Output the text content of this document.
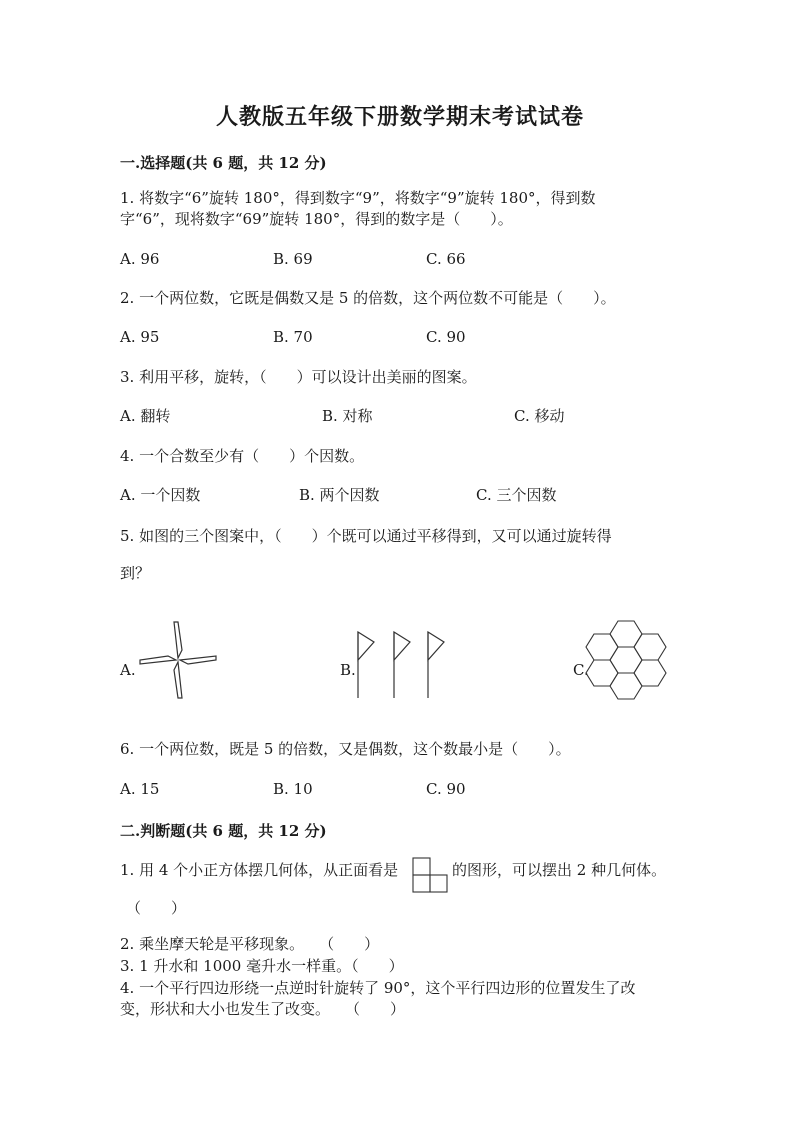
人教版五年级下册数学期末考试试卷
一.选择题(共 6 题，共 12 分)
1. 将数字“6”旋转 180°，得到数字“9”，将数字“9”旋转 180°，得到数
字“6”，现将数字“69”旋转 180°，得到的数字是（　　）。
A. 96	B. 69	C. 66
2. 一个两位数，它既是偶数又是 5 的倍数，这个两位数不可能是（　　）。
A. 95	B. 70	C. 90
3. 利用平移，旋转，（　　）可以设计出美丽的图案。
A. 翻转	B. 对称	C. 移动
4. 一个合数至少有（　　）个因数。
A. 一个因数	B. 两个因数	C. 三个因数
5. 如图的三个图案中，（　　）个既可以通过平移得到，又可以通过旋转得
到？
A.	B.	C.
6. 一个两位数，既是 5 的倍数，又是偶数，这个数最小是（　　）。
A. 15	B. 10	C. 90
二.判断题(共 6 题，共 12 分)
1. 用 4 个小正方体摆几何体，从正面看是	的图形，可以摆出 2 种几何体。
（　　）
2. 乘坐摩天轮是平移现象。　　（　　）
3. 1 升水和 1000 毫升水一样重。（　　）
4. 一个平行四边形绕一点逆时针旋转了 90°，这个平行四边形的位置发生了改
变，形状和大小也发生了改变。　　（　　）
